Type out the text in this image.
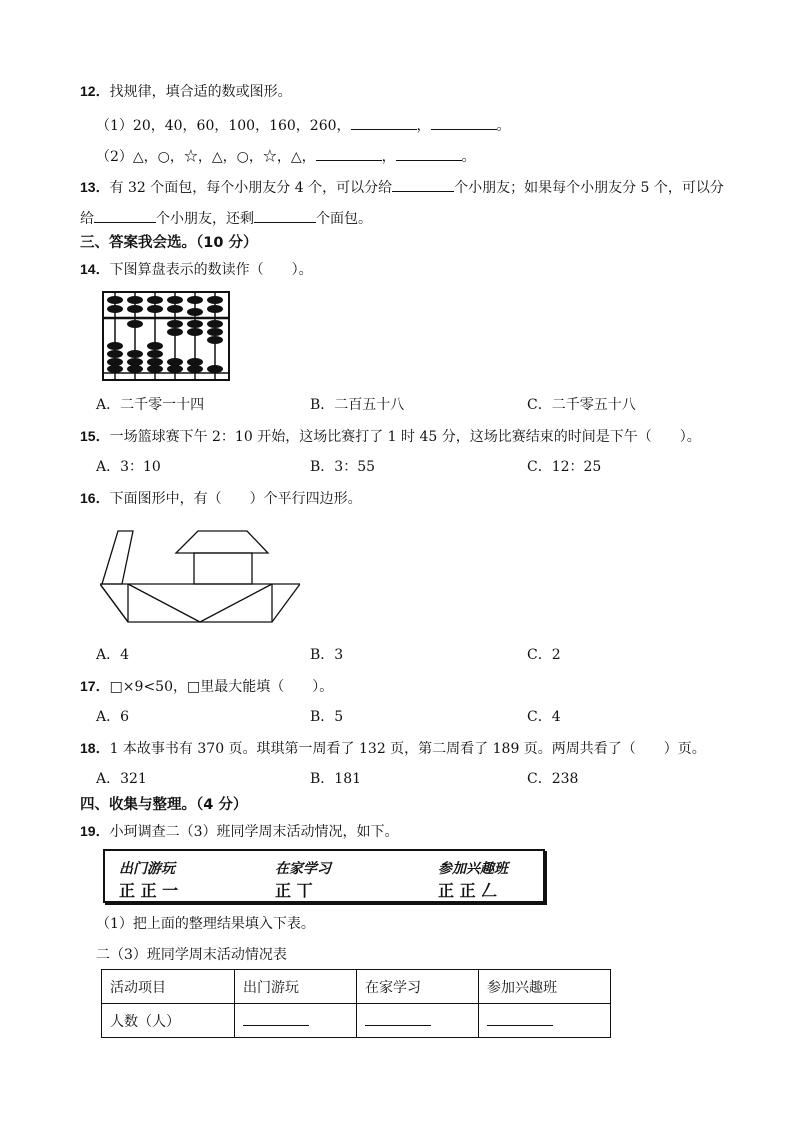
12．找规律，填合适的数或图形。
（1）20，40，60，100，160，260，	，	。
（2）△，○，☆，△，○，☆，△，	，	。
13．有 32 个面包，每个小朋友分 4 个，可以分给	个小朋友；如果每个小朋友分 5 个，可以分
给	个小朋友，还剩	个面包。
三、答案我会选。（10 分）
14．下图算盘表示的数读作（　　）。
A．二千零一十四	B．二百五十八	C．二千零五十八
15．一场篮球赛下午 2：10 开始，这场比赛打了 1 时 45 分，这场比赛结束的时间是下午（　　）。
A．3：10	B．3：55	C．12：25
16．下面图形中，有（　　）个平行四边形。
A．4	B．3	C．2
17．□×9<50，□里最大能填（　　）。
A．6	B．5	C．4
18．1 本故事书有 370 页。琪琪第一周看了 132 页，第二周看了 189 页。两周共看了（　　）页。
A．321	B．181	C．238
四、收集与整理。（4 分）
19．小珂调查二（3）班同学周末活动情况，如下。
出门游玩	在家学习	参加兴趣班
正 正 一	正 丅	正 正 𠃋
（1）把上面的整理结果填入下表。
二（3）班同学周末活动情况表
活动项目	出门游玩	在家学习	参加兴趣班
人数（人）			
